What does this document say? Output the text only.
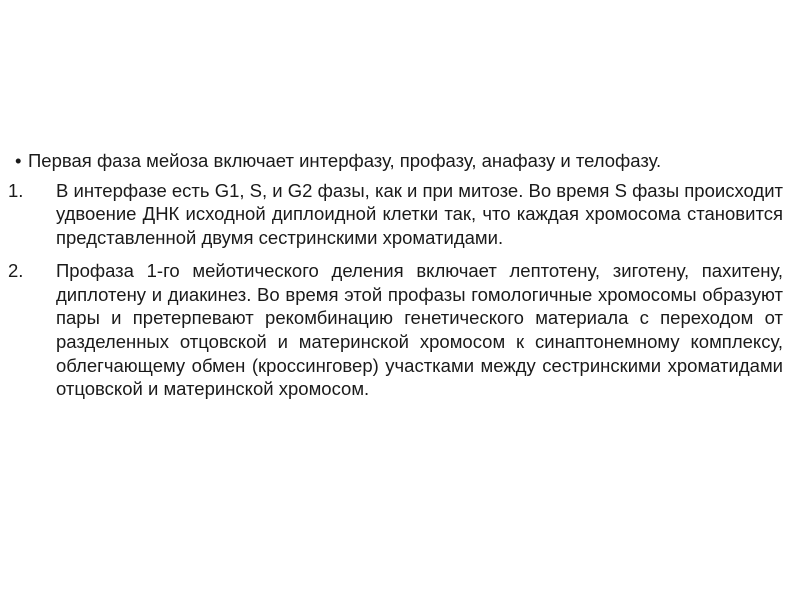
• Первая фаза мейоза включает интерфазу, профазу, анафазу и телофазу.
1. В интерфазе есть G1, S, и G2 фазы, как и при митозе. Во время S фазы происходит удвоение ДНК исходной диплоидной клетки так, что каждая хромосома становится представленной двумя сестринскими хроматидами.
2. Профаза 1-го мейотического деления включает лептотену, зиготену, пахитену, диплотену и диакинез. Во время этой профазы гомологичные хромосомы образуют пары и претерпевают рекомбинацию генетического материала с переходом от разделенных отцовской и материнской хромосом к синаптонемному комплексу, облегчающему обмен (кроссинговер) участками между сестринскими хроматидами отцовской и материнской хромосом.
